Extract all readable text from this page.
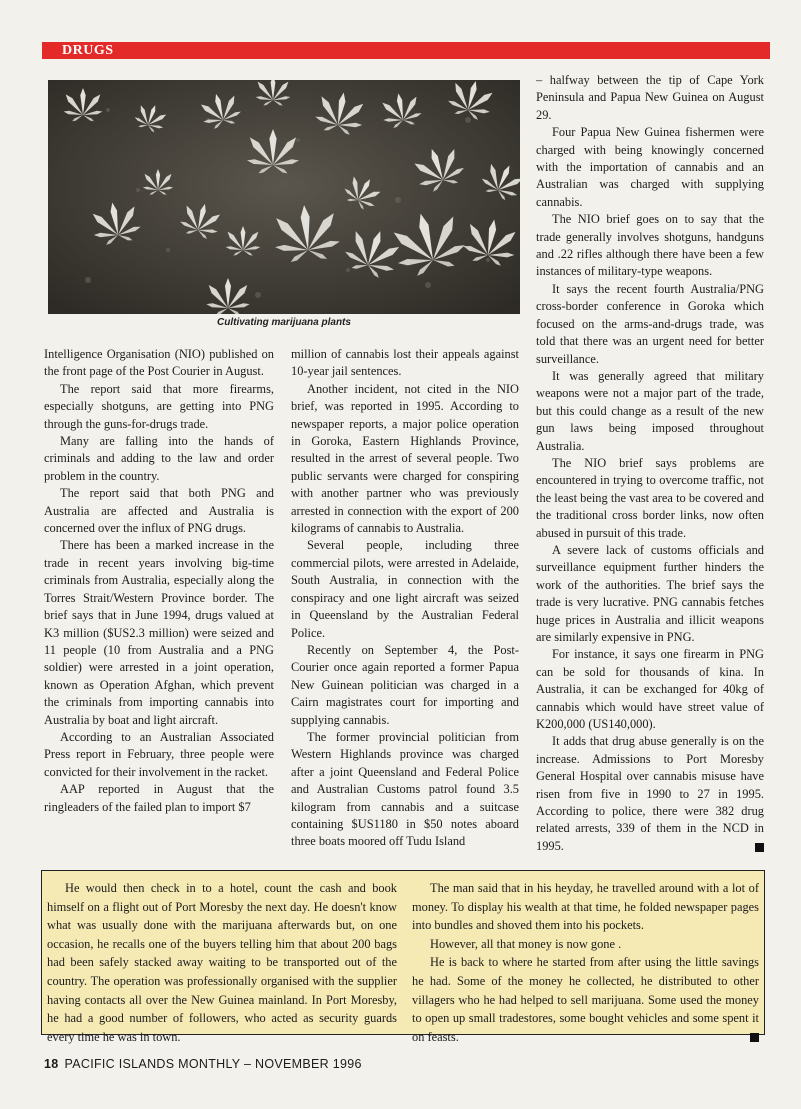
DRUGS
Cultivating marijuana plants

Intelligence Organisation (NIO) published on the front page of the Post Courier in August.

The report said that more firearms, especially shotguns, are getting into PNG through the guns-for-drugs trade.

Many are falling into the hands of criminals and adding to the law and order problem in the country.

The report said that both PNG and Australia are affected and Australia is concerned over the influx of PNG drugs.

There has been a marked increase in the trade in recent years involving big-time criminals from Australia, especially along the Torres Strait/Western Province border. The brief says that in June 1994, drugs valued at K3 million ($US2.3 million) were seized and 11 people (10 from Australia and a PNG soldier) were arrested in a joint operation, known as Operation Afghan, which prevent the criminals from importing cannabis into Australia by boat and light aircraft.

According to an Australian Associated Press report in February, three people were convicted for their involvement in the racket.

AAP reported in August that the ringleaders of the failed plan to import $7

million of cannabis lost their appeals against 10-year jail sentences.

Another incident, not cited in the NIO brief, was reported in 1995. According to newspaper reports, a major police operation in Goroka, Eastern Highlands Province, resulted in the arrest of several people. Two public servants were charged for conspiring with another partner who was previously arrested in connection with the export of 200 kilograms of cannabis to Australia.

Several people, including three commercial pilots, were arrested in Adelaide, South Australia, in connection with the conspiracy and one light aircraft was seized in Queensland by the Australian Federal Police.

Recently on September 4, the Post-Courier once again reported a former Papua New Guinean politician was charged in a Cairn magistrates court for importing and supplying cannabis.

The former provincial politician from Western Highlands province was charged after a joint Queensland and Federal Police and Australian Customs patrol found 3.5 kilogram from cannabis and a suitcase containing $US1180 in $50 notes aboard three boats moored off Tudu Island

– halfway between the tip of Cape York Peninsula and Papua New Guinea on August 29.

Four Papua New Guinea fishermen were charged with being knowingly concerned with the importation of cannabis and an Australian was charged with supplying cannabis.

The NIO brief goes on to say that the trade generally involves shotguns, handguns and .22 rifles although there have been a few instances of military-type weapons.

It says the recent fourth Australia/PNG cross-border conference in Goroka which focused on the arms-and-drugs trade, was told that there was an urgent need for better surveillance.

It was generally agreed that military weapons were not a major part of the trade, but this could change as a result of the new gun laws being imposed throughout Australia.

The NIO brief says problems are encountered in trying to overcome traffic, not the least being the vast area to be covered and the traditional cross border links, now often abused in pursuit of this trade.

A severe lack of customs officials and surveillance equipment further hinders the work of the authorities. The brief says the trade is very lucrative. PNG cannabis fetches huge prices in Australia and illicit weapons are similarly expensive in PNG.

For instance, it says one firearm in PNG can be sold for thousands of kina. In Australia, it can be exchanged for 40kg of cannabis which would have street value of K200,000 (US140,000).

It adds that drug abuse generally is on the increase. Admissions to Port Moresby General Hospital over cannabis misuse have risen from five in 1990 to 27 in 1995. According to police, there were 382 drug related arrests, 339 of them in the NCD in 1995.

He would then check in to a hotel, count the cash and book himself on a flight out of Port Moresby the next day. He doesn't know what was usually done with the marijuana afterwards but, on one occasion, he recalls one of the buyers telling him that about 200 bags had been safely stacked away waiting to be transported out of the country. The operation was professionally organised with the supplier having contacts all over the New Guinea mainland. In Port Moresby, he had a good number of followers, who acted as security guards every time he was in town.

The man said that in his heyday, he travelled around with a lot of money. To display his wealth at that time, he folded newspaper pages into bundles and shoved them into his pockets.

However, all that money is now gone .

He is back to where he started from after using the little savings he had. Some of the money he collected, he distributed to other villagers who he had helped to sell marijuana. Some used the money to open up small tradestores, some bought vehicles and some spent it on feasts.

18 PACIFIC ISLANDS MONTHLY – NOVEMBER 1996
